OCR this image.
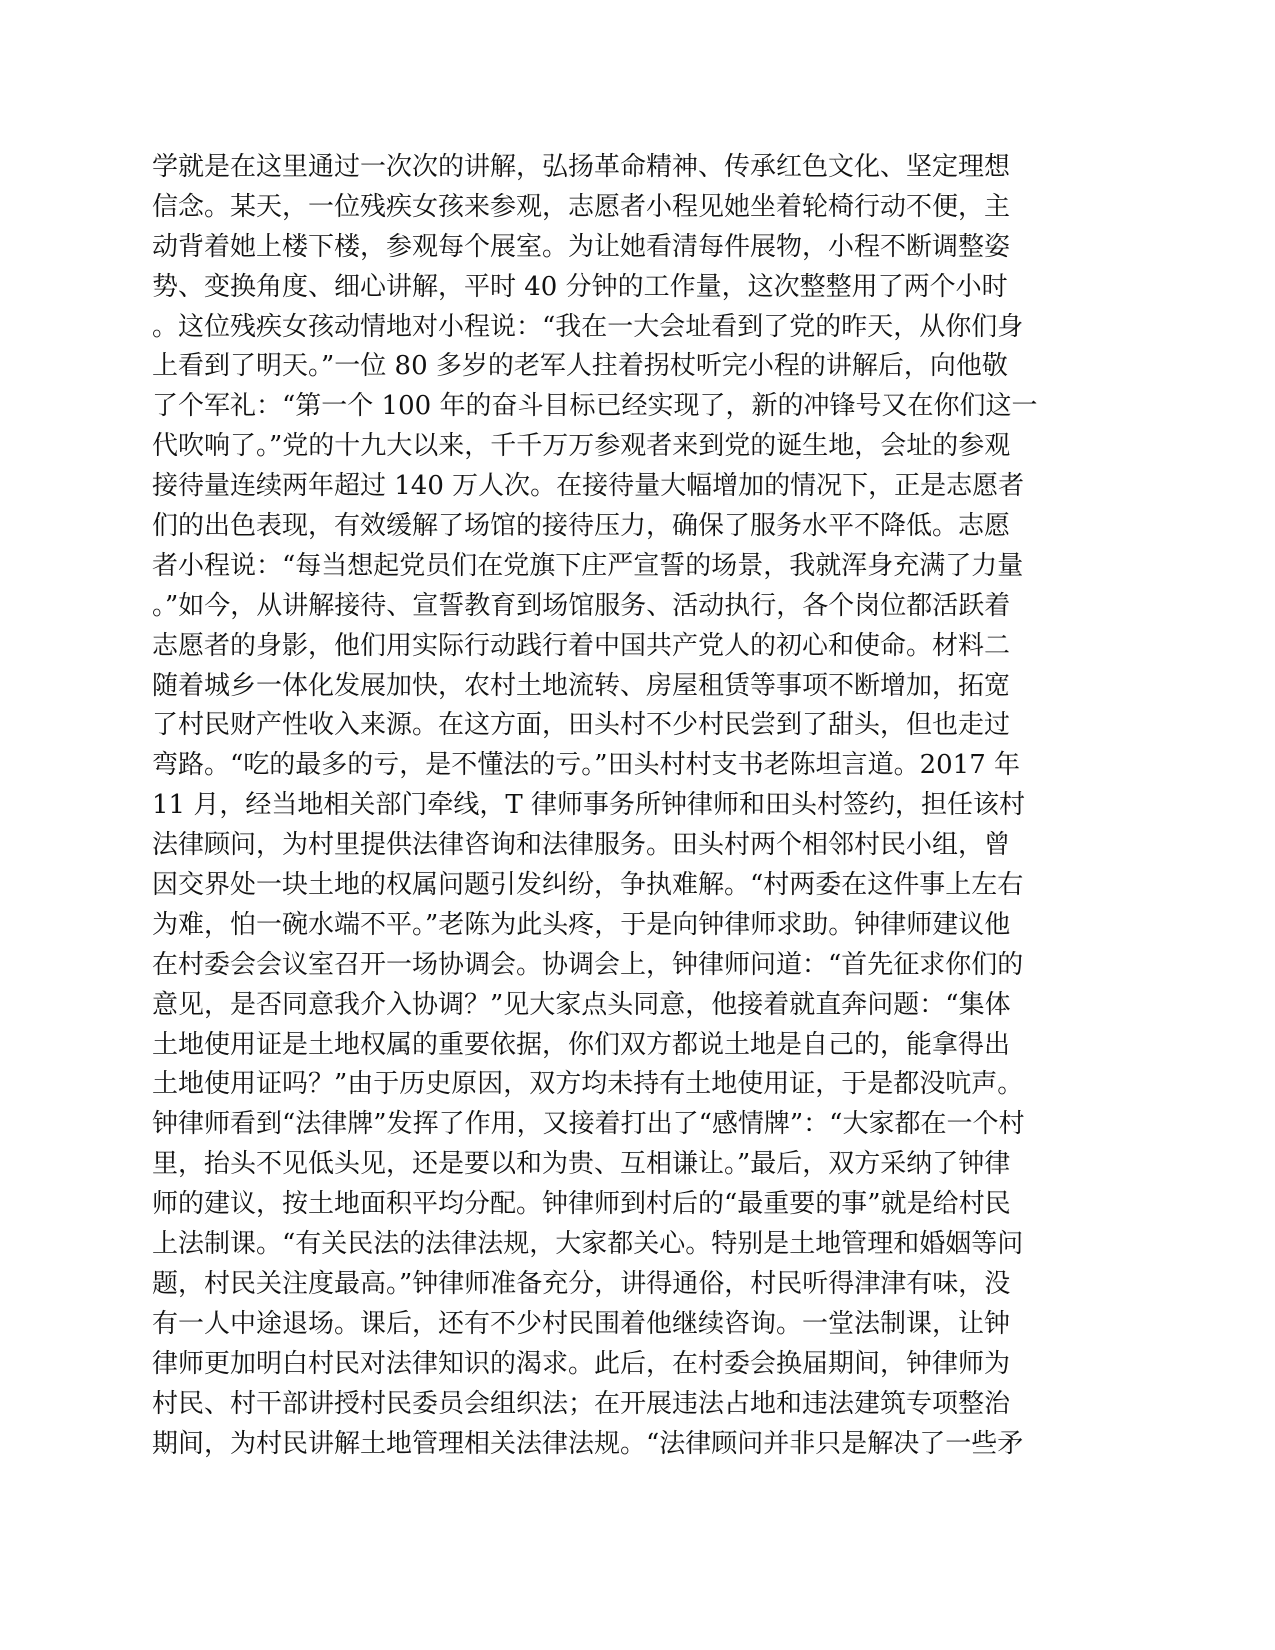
学就是在这里通过一次次的讲解，弘扬革命精神、传承红色文化、坚定理想
信念。某天，一位残疾女孩来参观，志愿者小程见她坐着轮椅行动不便，主
动背着她上楼下楼，参观每个展室。为让她看清每件展物，小程不断调整姿
势、变换角度、细心讲解，平时 40 分钟的工作量，这次整整用了两个小时
。这位残疾女孩动情地对小程说：“我在一大会址看到了党的昨天，从你们身
上看到了明天。”一位 80 多岁的老军人拄着拐杖听完小程的讲解后，向他敬
了个军礼：“第一个 100 年的奋斗目标已经实现了，新的冲锋号又在你们这一
代吹响了。”党的十九大以来，千千万万参观者来到党的诞生地，会址的参观
接待量连续两年超过 140 万人次。在接待量大幅增加的情况下，正是志愿者
们的出色表现，有效缓解了场馆的接待压力，确保了服务水平不降低。志愿
者小程说：“每当想起党员们在党旗下庄严宣誓的场景，我就浑身充满了力量
。”如今，从讲解接待、宣誓教育到场馆服务、活动执行，各个岗位都活跃着
志愿者的身影，他们用实际行动践行着中国共产党人的初心和使命。材料二
随着城乡一体化发展加快，农村土地流转、房屋租赁等事项不断增加，拓宽
了村民财产性收入来源。在这方面，田头村不少村民尝到了甜头，但也走过
弯路。“吃的最多的亏，是不懂法的亏。”田头村村支书老陈坦言道。2017 年
11 月，经当地相关部门牵线，T 律师事务所钟律师和田头村签约，担任该村
法律顾问，为村里提供法律咨询和法律服务。田头村两个相邻村民小组，曾
因交界处一块土地的权属问题引发纠纷，争执难解。“村两委在这件事上左右
为难，怕一碗水端不平。”老陈为此头疼，于是向钟律师求助。钟律师建议他
在村委会会议室召开一场协调会。协调会上，钟律师问道：“首先征求你们的
意见，是否同意我介入协调？”见大家点头同意，他接着就直奔问题：“集体
土地使用证是土地权属的重要依据，你们双方都说土地是自己的，能拿得出
土地使用证吗？”由于历史原因，双方均未持有土地使用证，于是都没吭声。
钟律师看到“法律牌”发挥了作用，又接着打出了“感情牌”：“大家都在一个村
里，抬头不见低头见，还是要以和为贵、互相谦让。”最后，双方采纳了钟律
师的建议，按土地面积平均分配。钟律师到村后的“最重要的事”就是给村民
上法制课。“有关民法的法律法规，大家都关心。特别是土地管理和婚姻等问
题，村民关注度最高。”钟律师准备充分，讲得通俗，村民听得津津有味，没
有一人中途退场。课后，还有不少村民围着他继续咨询。一堂法制课，让钟
律师更加明白村民对法律知识的渴求。此后，在村委会换届期间，钟律师为
村民、村干部讲授村民委员会组织法；在开展违法占地和违法建筑专项整治
期间，为村民讲解土地管理相关法律法规。“法律顾问并非只是解决了一些矛
